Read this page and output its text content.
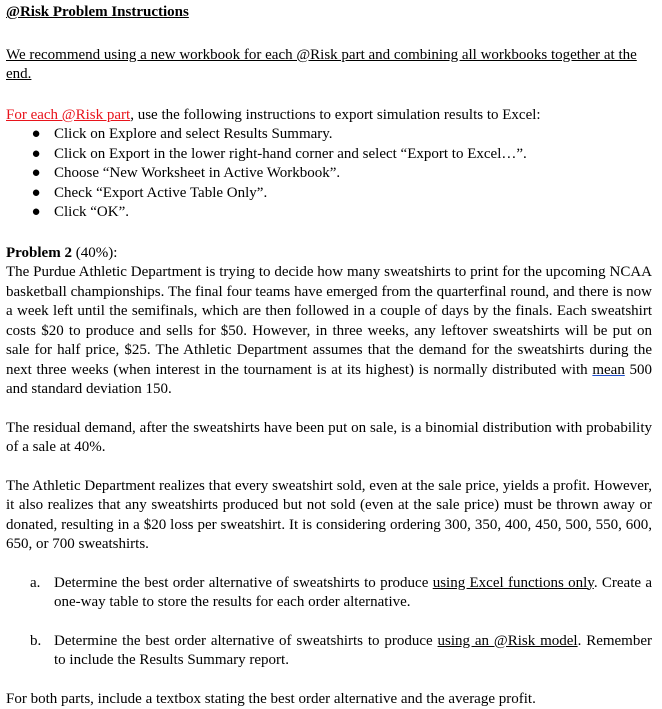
@Risk Problem Instructions
We recommend using a new workbook for each @Risk part and combining all workbooks together at the end.
For each @Risk part, use the following instructions to export simulation results to Excel:
● Click on Explore and select Results Summary.
● Click on Export in the lower right-hand corner and select “Export to Excel…”.
● Choose “New Worksheet in Active Workbook”.
● Check “Export Active Table Only”.
● Click “OK”.
Problem 2 (40%):

The Purdue Athletic Department is trying to decide how many sweatshirts to print for the upcoming NCAA basketball championships. The final four teams have emerged from the quarterfinal round, and there is now a week left until the semifinals, which are then followed in a couple of days by the finals. Each sweatshirt costs $20 to produce and sells for $50. However, in three weeks, any leftover sweatshirts will be put on sale for half price, $25. The Athletic Department assumes that the demand for the sweatshirts during the next three weeks (when interest in the tournament is at its highest) is normally distributed with mean 500 and standard deviation 150.

The residual demand, after the sweatshirts have been put on sale, is a binomial distribution with probability of a sale at 40%.

The Athletic Department realizes that every sweatshirt sold, even at the sale price, yields a profit. However, it also realizes that any sweatshirts produced but not sold (even at the sale price) must be thrown away or donated, resulting in a $20 loss per sweatshirt. It is considering ordering 300, 350, 400, 450, 500, 550, 600, 650, or 700 sweatshirts.

a. Determine the best order alternative of sweatshirts to produce using Excel functions only. Create a one-way table to store the results for each order alternative.
b. Determine the best order alternative of sweatshirts to produce using an @Risk model. Remember to include the Results Summary report.
For both parts, include a textbox stating the best order alternative and the average profit.
